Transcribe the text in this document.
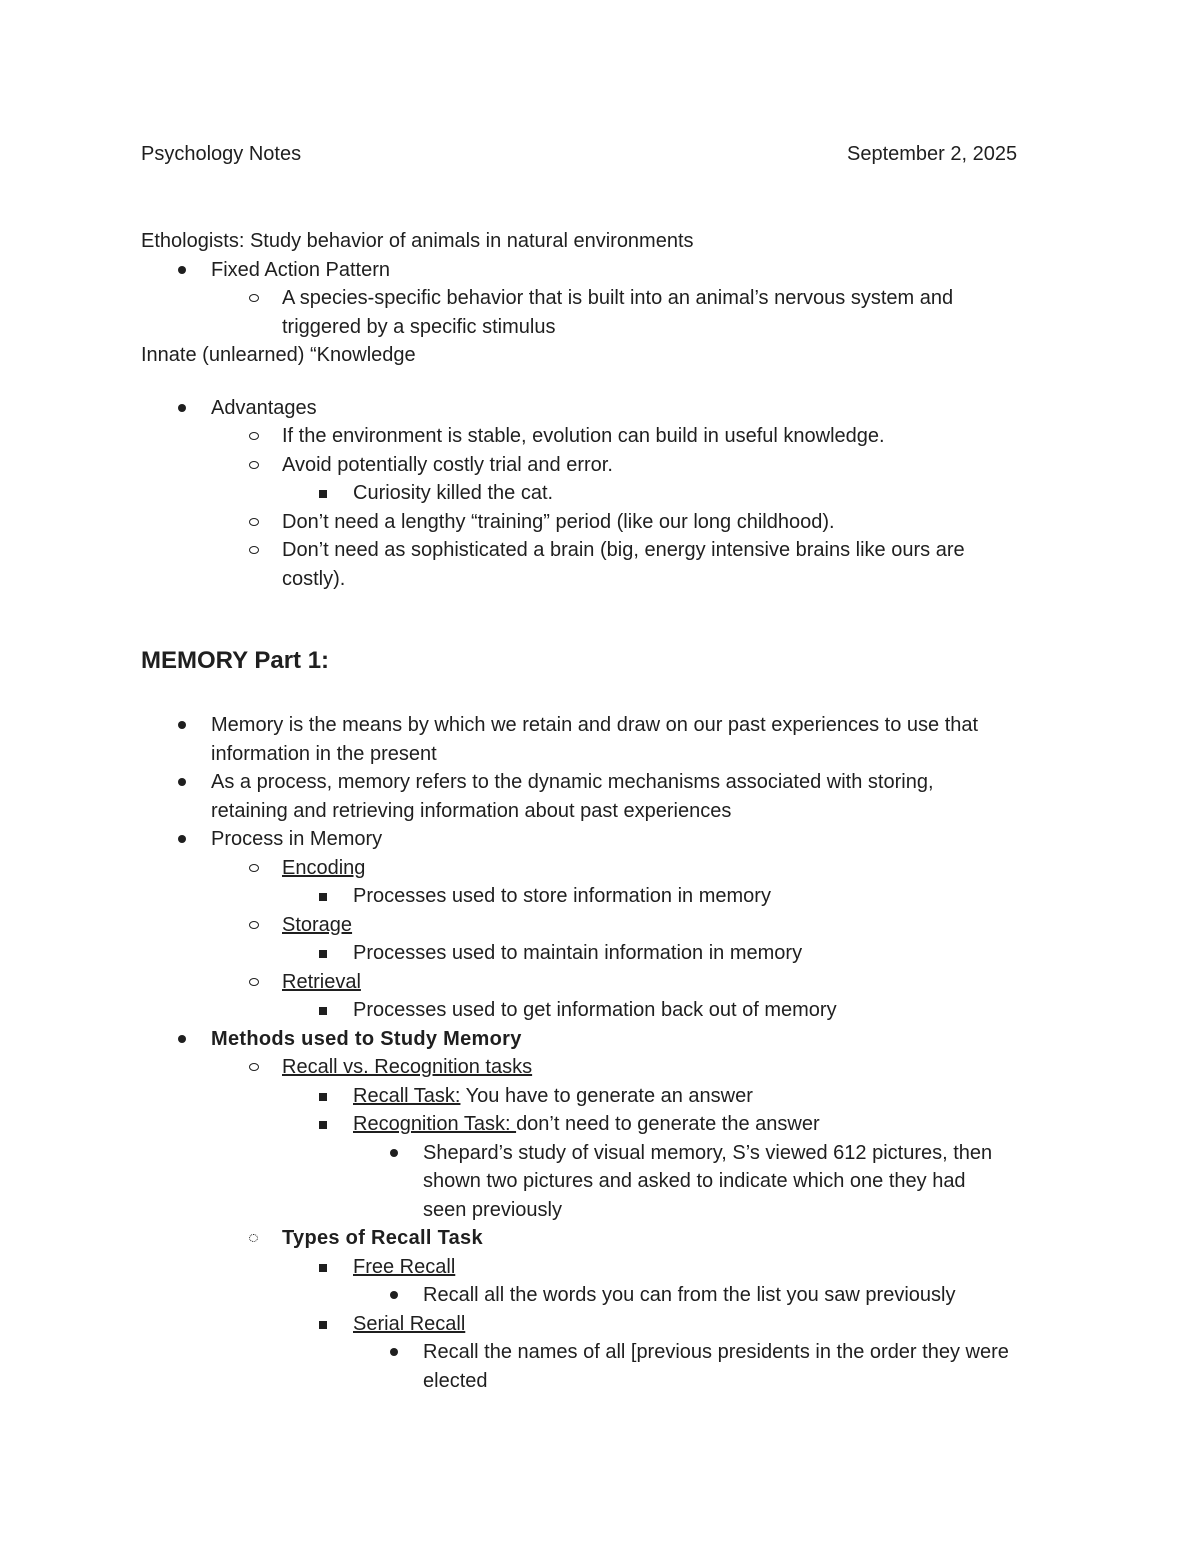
Psychology Notes	September 2, 2025

Ethologists: Study behavior of animals in natural environments

Fixed Action Pattern
A species-specific behavior that is built into an animal’s nervous system and
triggered by a specific stimulus

Innate (unlearned) “Knowledge

Advantages
If the environment is stable, evolution can build in useful knowledge.
Avoid potentially costly trial and error.
Curiosity killed the cat.
Don’t need a lengthy “training” period (like our long childhood).
Don’t need as sophisticated a brain (big, energy intensive brains like ours are
costly).
MEMORY Part 1:
Memory is the means by which we retain and draw on our past experiences to use that
information in the present
As a process, memory refers to the dynamic mechanisms associated with storing,
retaining and retrieving information about past experiences
Process in Memory
Encoding
Processes used to store information in memory
Storage
Processes used to maintain information in memory
Retrieval
Processes used to get information back out of memory
Methods used to Study Memory
Recall vs. Recognition tasks
Recall Task: You have to generate an answer
Recognition Task: don’t need to generate the answer
Shepard’s study of visual memory, S’s viewed 612 pictures, then
shown two pictures and asked to indicate which one they had
seen previously
Types of Recall Task
Free Recall
Recall all the words you can from the list you saw previously
Serial Recall
Recall the names of all [previous presidents in the order they were
elected
